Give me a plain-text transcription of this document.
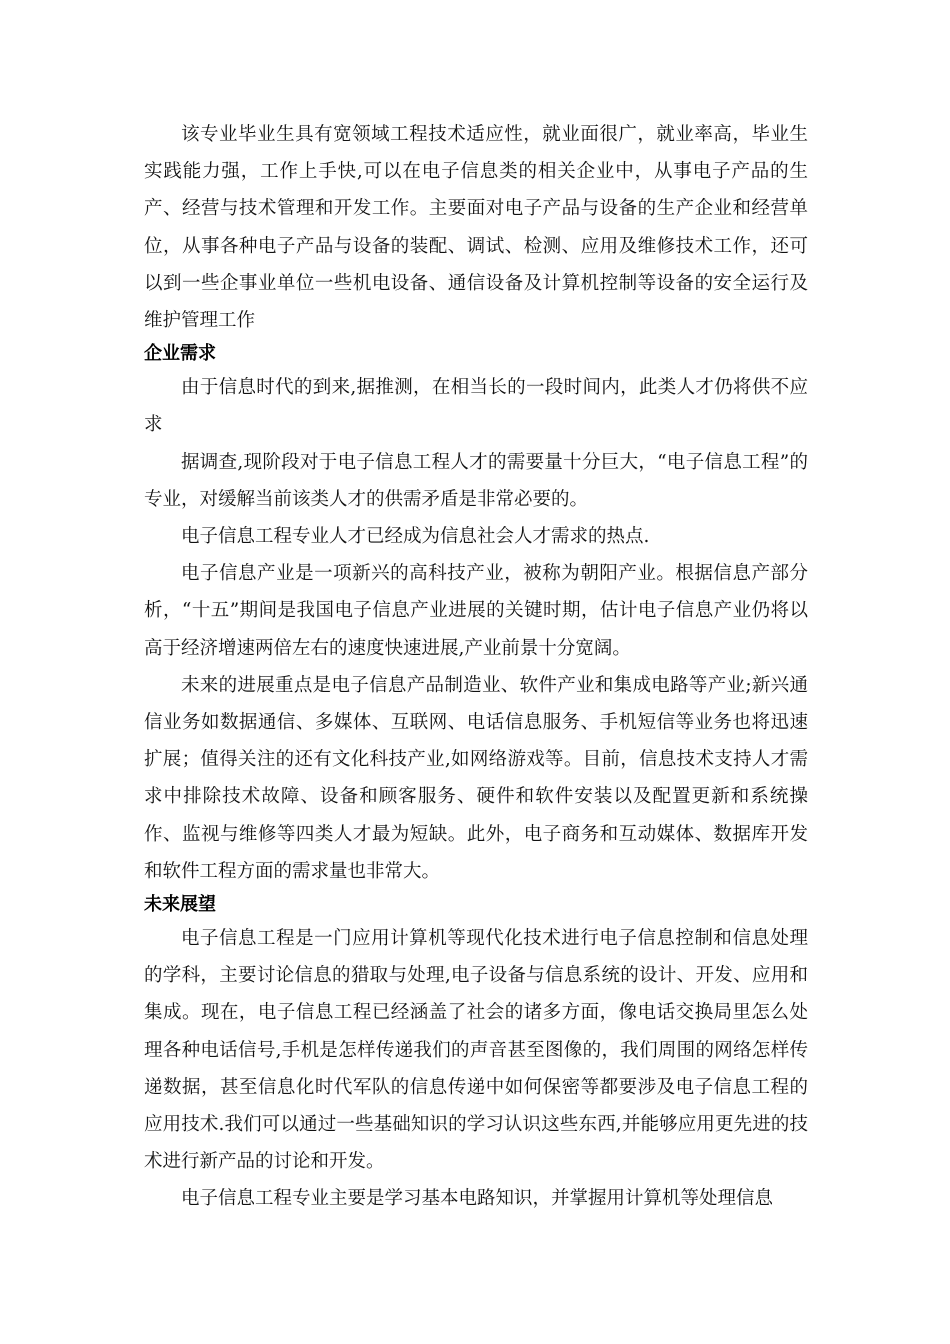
该专业毕业生具有宽领域工程技术适应性，就业面很广，就业率高，毕业生实践能力强，工作上手快,可以在电子信息类的相关企业中，从事电子产品的生产、经营与技术管理和开发工作。主要面对电子产品与设备的生产企业和经营单位，从事各种电子产品与设备的装配、调试、检测、应用及维修技术工作，还可以到一些企事业单位一些机电设备、通信设备及计算机控制等设备的安全运行及维护管理工作

企业需求

由于信息时代的到来,据推测，在相当长的一段时间内，此类人才仍将供不应求

据调查,现阶段对于电子信息工程人才的需要量十分巨大，“电子信息工程”的专业，对缓解当前该类人才的供需矛盾是非常必要的。

电子信息工程专业人才已经成为信息社会人才需求的热点.

电子信息产业是一项新兴的高科技产业，被称为朝阳产业。根据信息产部分析，“十五”期间是我国电子信息产业进展的关键时期，估计电子信息产业仍将以高于经济增速两倍左右的速度快速进展,产业前景十分宽阔。

未来的进展重点是电子信息产品制造业、软件产业和集成电路等产业;新兴通信业务如数据通信、多媒体、互联网、电话信息服务、手机短信等业务也将迅速扩展；值得关注的还有文化科技产业,如网络游戏等。目前，信息技术支持人才需求中排除技术故障、设备和顾客服务、硬件和软件安装以及配置更新和系统操作、监视与维修等四类人才最为短缺。此外，电子商务和互动媒体、数据库开发和软件工程方面的需求量也非常大。

未来展望

电子信息工程是一门应用计算机等现代化技术进行电子信息控制和信息处理的学科，主要讨论信息的猎取与处理,电子设备与信息系统的设计、开发、应用和集成。现在，电子信息工程已经涵盖了社会的诸多方面，像电话交换局里怎么处理各种电话信号,手机是怎样传递我们的声音甚至图像的，我们周围的网络怎样传递数据，甚至信息化时代军队的信息传递中如何保密等都要涉及电子信息工程的应用技术.我们可以通过一些基础知识的学习认识这些东西,并能够应用更先进的技术进行新产品的讨论和开发。

电子信息工程专业主要是学习基本电路知识，并掌握用计算机等处理信息
